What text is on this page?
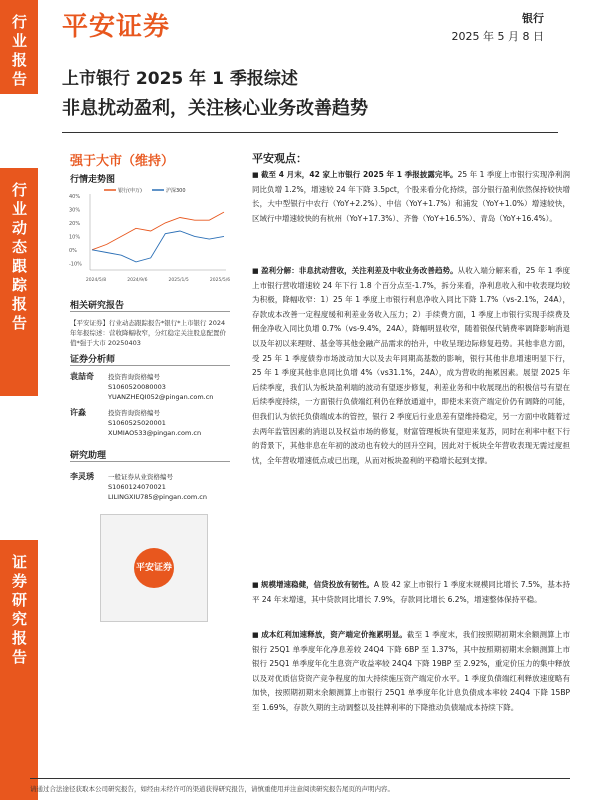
行业报告
行业动态跟踪报告
证券研究报告
平安证券	银行
2025 年 5 月 8 日
上市银行 2025 年 1 季报综述
非息扰动盈利，关注核心业务改善趋势
强于大市（维持）
行情走势图
银行(申万)	沪深300
40%
30%
20%
10%
0%
-10%
2024/5/8	2024/9/6	2025/1/5	2025/5/6
相关研究报告
【平安证券】行业动态跟踪报告*银行*上市银行 2024 年年报综述：营收降幅收窄，分红稳定关注股息配置价值*强于大市 20250403
证券分析师
袁喆奇 投资咨询资格编号
S1060520080003
YUANZHEQI052@pingan.com.cn
许淼	投资咨询资格编号
S1060525020001
XUMIAO533@pingan.com.cn
研究助理
李灵琇 一般证券从业资格编号
S1060124070021
LILINGXIU785@pingan.com.cn
平安证券
平安观点：
■ 截至 4 月末，42 家上市银行 2025 年 1 季报披露完毕。25 年 1 季度上市银行实现净利润同比负增 1.2%，增速较 24 年下降 3.5pct，个股来看分化持续，部分银行盈利依然保持较快增长，大中型银行中农行（YoY+2.2%）、中信（YoY+1.7%）和浦发（YoY+1.0%）增速较快，区域行中增速较快的有杭州（YoY+17.3%）、齐鲁（YoY+16.5%）、青岛（YoY+16.4%）。
■ 盈利分解：非息扰动营收，关注利差及中收业务改善趋势。从收入端分解来看，25 年 1 季度上市银行营收增速较 24 年下行 1.8 个百分点至-1.7%，拆分来看，净利息收入和中收表现均较为积极，降幅收窄：1）25 年 1 季度上市银行利息净收入同比下降 1.7%（vs-2.1%，24A），存款成本改善一定程度缓和利差业务收入压力；2）手续费方面，1 季度上市银行实现手续费及佣金净收入同比负增 0.7%（vs-9.4%，24A），降幅明显收窄，随着银保代销费率调降影响消退以及年初以来理财、基金等其他金融产品需求的抬升，中收呈现边际修复趋势。其他非息方面，受 25 年 1 季度债券市场波动加大以及去年同期高基数的影响，银行其他非息增速明显下行，25 年 1 季度其他非息同比负增 4%（vs31.1%，24A），成为营收的拖累因素。展望 2025 年后续季度，我们认为板块盈利端的波动有望逐步修复，利差业务和中收展现出的积极信号有望在后续季度持续，一方面银行负债端红利仍在释放通道中，即使未来资产端定价仍有调降的可能，但我们认为依托负债端成本的管控，银行 2 季度后行业息差有望维持稳定，另一方面中收随着过去两年监管因素的消退以及权益市场的修复，财富管理板块有望迎来复苏，同时在利率中枢下行的背景下，其他非息在年初的波动也有较大的回升空间，因此对于板块全年营收表现无需过度担忧，全年营收增速低点或已出现，从而对板块盈利的平稳增长起到支撑。
■ 规模增速稳健，信贷投放有韧性。A 股 42 家上市银行 1 季度末规模同比增长 7.5%，基本持平 24 年末增速，其中贷款同比增长 7.9%，存款同比增长 6.2%，增速整体保持平稳。
■ 成本红利加速释放，资产端定价拖累明显。截至 1 季度末，我们按照期初期末余额测算上市银行 25Q1 单季度年化净息差较 24Q4 下降 6BP 至 1.37%，其中按照期初期末余额测算上市银行 25Q1 单季度年化生息资产收益率较 24Q4 下降 19BP 至 2.92%，重定价压力的集中释放以及对优质信贷资产竞争程度的加大持续施压资产端定价水平。1 季度负债端红利释放速度略有加快，按照期初期末余额测算上市银行 25Q1 单季度年化计息负债成本率较 24Q4 下降 15BP 至 1.69%，存款久期的主动调整以及挂牌利率的下降推动负债端成本持续下降。
请通过合法途径获取本公司研究报告，如经由未经许可的渠道获得研究报告，请慎重使用并注意阅读研究报告尾页的声明内容。
